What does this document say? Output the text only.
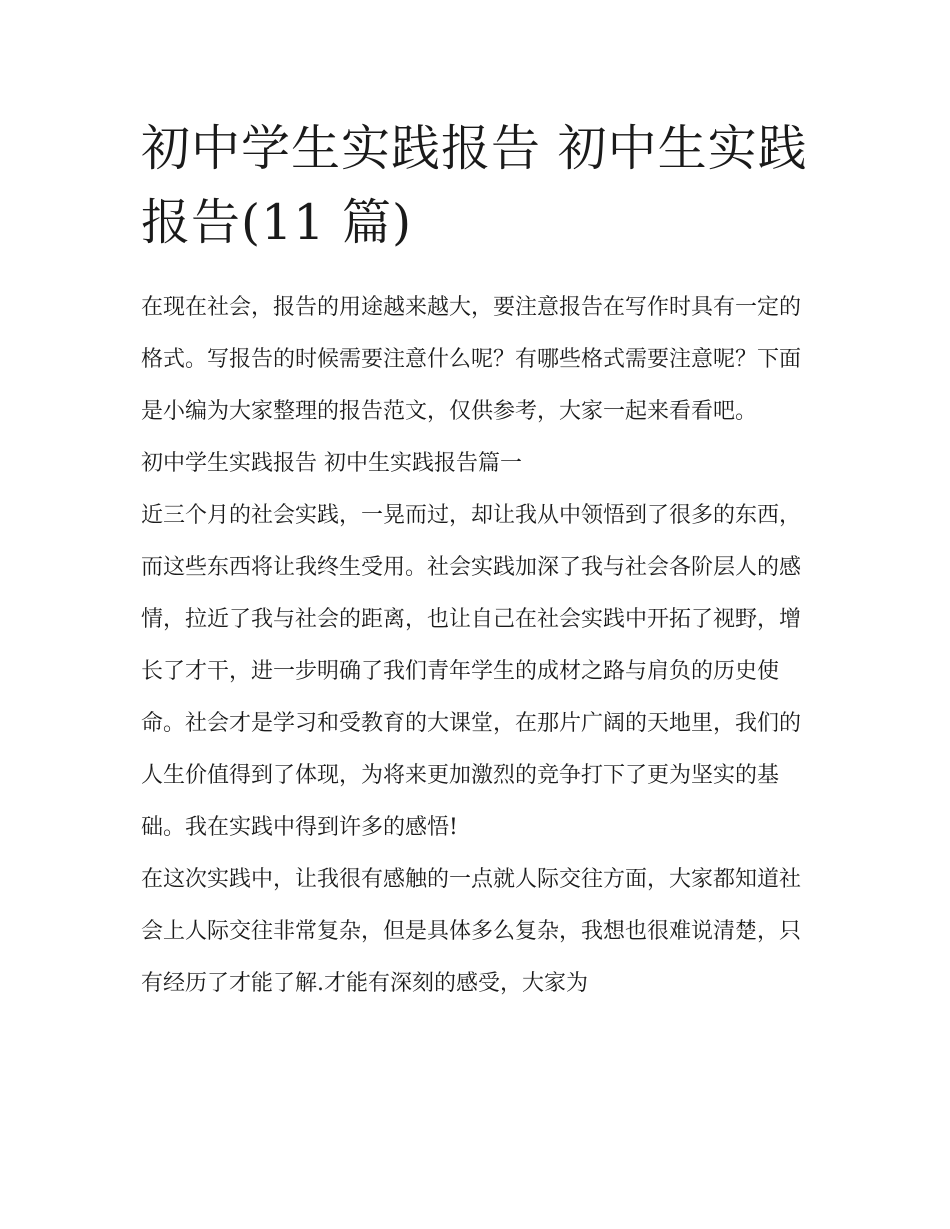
初中学生实践报告 初中生实践报告(11 篇)

在现在社会，报告的用途越来越大，要注意报告在写作时具有一定的格式。写报告的时候需要注意什么呢？有哪些格式需要注意呢？下面是小编为大家整理的报告范文，仅供参考，大家一起来看看吧。

初中学生实践报告 初中生实践报告篇一

近三个月的社会实践，一晃而过，却让我从中领悟到了很多的东西，而这些东西将让我终生受用。社会实践加深了我与社会各阶层人的感情，拉近了我与社会的距离，也让自己在社会实践中开拓了视野，增长了才干，进一步明确了我们青年学生的成材之路与肩负的历史使命。社会才是学习和受教育的大课堂，在那片广阔的天地里，我们的人生价值得到了体现，为将来更加激烈的竞争打下了更为坚实的基础。我在实践中得到许多的感悟!

在这次实践中，让我很有感触的一点就人际交往方面，大家都知道社会上人际交往非常复杂，但是具体多么复杂，我想也很难说清楚，只有经历了才能了解.才能有深刻的感受，大家为
